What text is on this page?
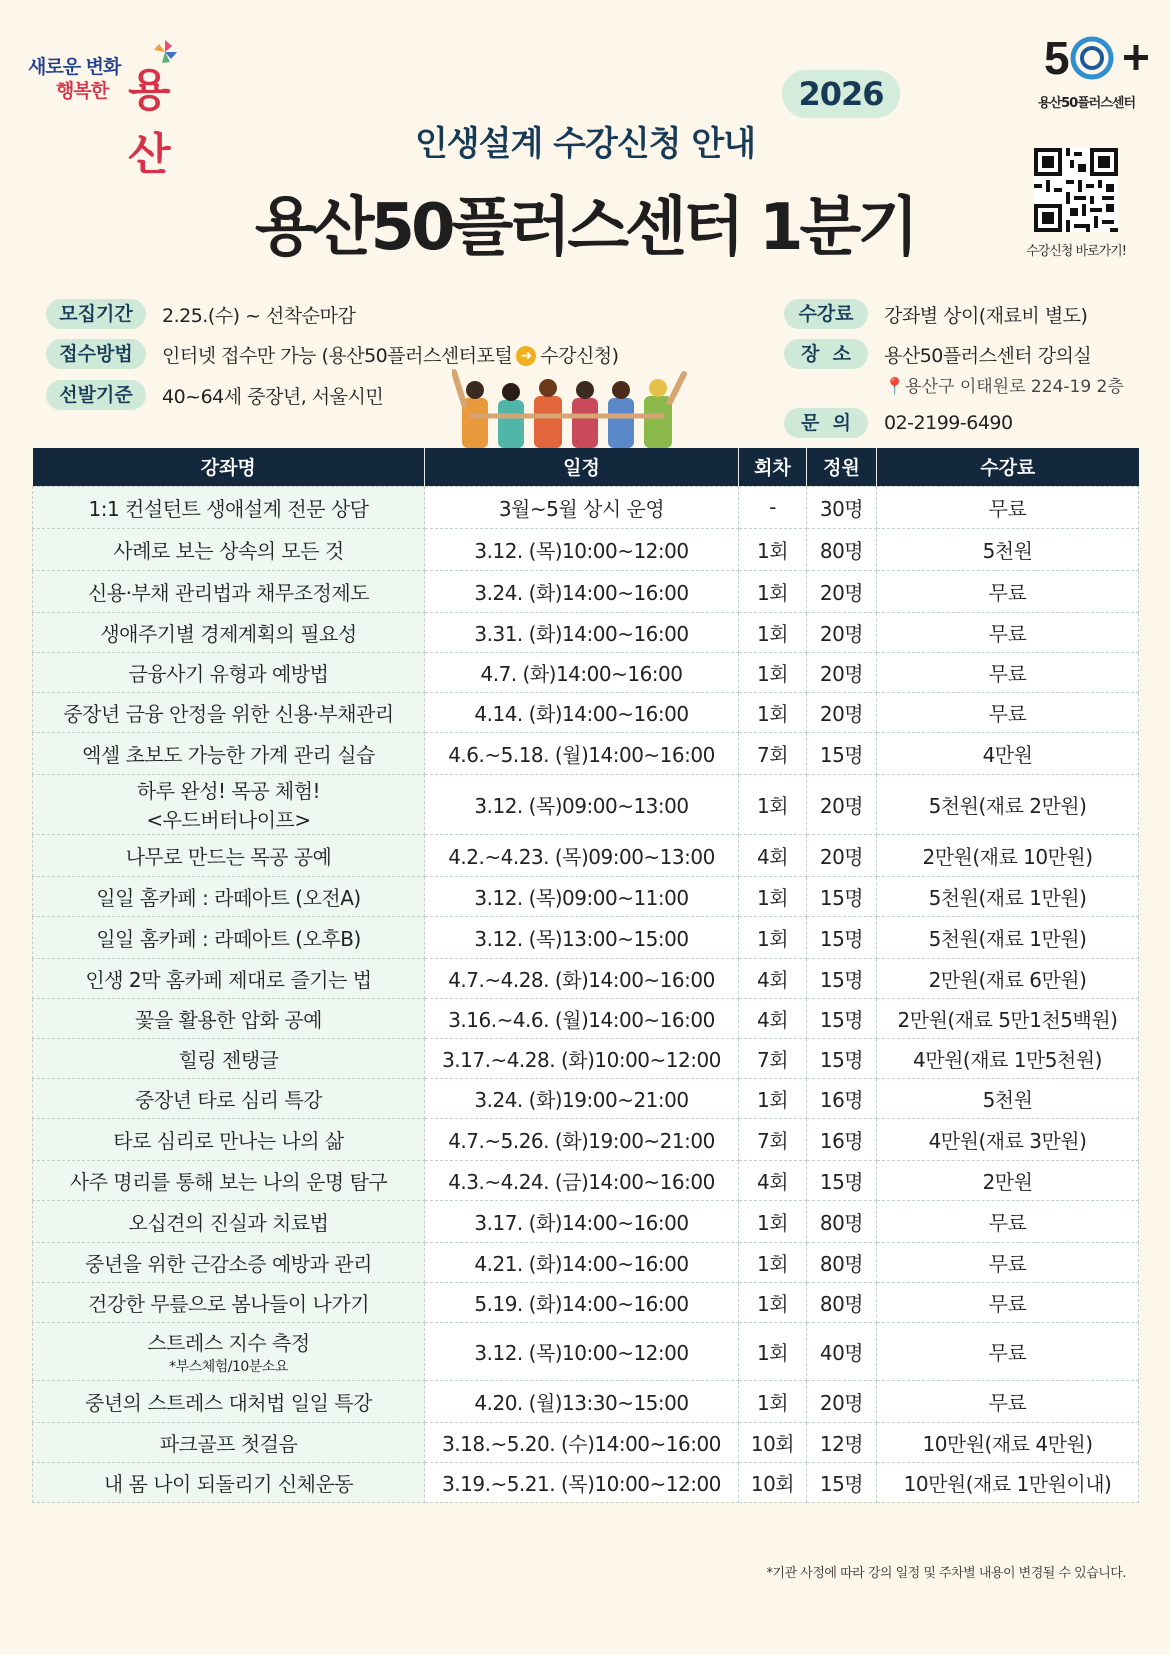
새로운 변화
행복한 용산
5
용산50플러스센터
2026
인생설계 수강신청 안내
용산50플러스센터 1분기	수강신청 바로가기!
모집기간	2.25.(수) ~ 선착순마감
접수방법	인터넷 접수만 가능 (용산50플러스센터포털 ➜ 수강신청)
선발기준	40~64세 중장년, 서울시민
수강료	강좌별 상이(재료비 별도)
장  소	용산50플러스센터 강의실
📍용산구 이태원로 224-19 2층
문  의	02-2199-6490
강좌명	일정	회차	정원	수강료
1:1 컨설턴트 생애설계 전문 상담	3월~5월 상시 운영	-	30명	무료
사례로 보는 상속의 모든 것	3.12. (목)10:00~12:00	1회	80명	5천원
신용·부채 관리법과 채무조정제도	3.24. (화)14:00~16:00	1회	20명	무료
생애주기별 경제계획의 필요성	3.31. (화)14:00~16:00	1회	20명	무료
금융사기 유형과 예방법	4.7. (화)14:00~16:00	1회	20명	무료
중장년 금융 안정을 위한 신용·부채관리	4.14. (화)14:00~16:00	1회	20명	무료
엑셀 초보도 가능한 가계 관리 실습	4.6.~5.18. (월)14:00~16:00	7회	15명	4만원
하루 완성! 목공 체험!
<우드버터나이프>	3.12. (목)09:00~13:00	1회	20명	5천원(재료 2만원)
나무로 만드는 목공 공예	4.2.~4.23. (목)09:00~13:00	4회	20명	2만원(재료 10만원)
일일 홈카페 : 라떼아트 (오전A)	3.12. (목)09:00~11:00	1회	15명	5천원(재료 1만원)
일일 홈카페 : 라떼아트 (오후B)	3.12. (목)13:00~15:00	1회	15명	5천원(재료 1만원)
인생 2막 홈카페 제대로 즐기는 법	4.7.~4.28. (화)14:00~16:00	4회	15명	2만원(재료 6만원)
꽃을 활용한 압화 공예	3.16.~4.6. (월)14:00~16:00	4회	15명	2만원(재료 5만1천5백원)
힐링 젠탱글	3.17.~4.28. (화)10:00~12:00	7회	15명	4만원(재료 1만5천원)
중장년 타로 심리 특강	3.24. (화)19:00~21:00	1회	16명	5천원
타로 심리로 만나는 나의 삶	4.7.~5.26. (화)19:00~21:00	7회	16명	4만원(재료 3만원)
사주 명리를 통해 보는 나의 운명 탐구	4.3.~4.24. (금)14:00~16:00	4회	15명	2만원
오십견의 진실과 치료법	3.17. (화)14:00~16:00	1회	80명	무료
중년을 위한 근감소증 예방과 관리	4.21. (화)14:00~16:00	1회	80명	무료
건강한 무릎으로 봄나들이 나가기	5.19. (화)14:00~16:00	1회	80명	무료
스트레스 지수 측정
*부스체험/10분소요	3.12. (목)10:00~12:00	1회	40명	무료
중년의 스트레스 대처법 일일 특강	4.20. (월)13:30~15:00	1회	20명	무료
파크골프 첫걸음	3.18.~5.20. (수)14:00~16:00	10회	12명	10만원(재료 4만원)
내 몸 나이 되돌리기 신체운동	3.19.~5.21. (목)10:00~12:00	10회	15명	10만원(재료 1만원이내)
*기관 사정에 따라 강의 일정 및 주차별 내용이 변경될 수 있습니다.
